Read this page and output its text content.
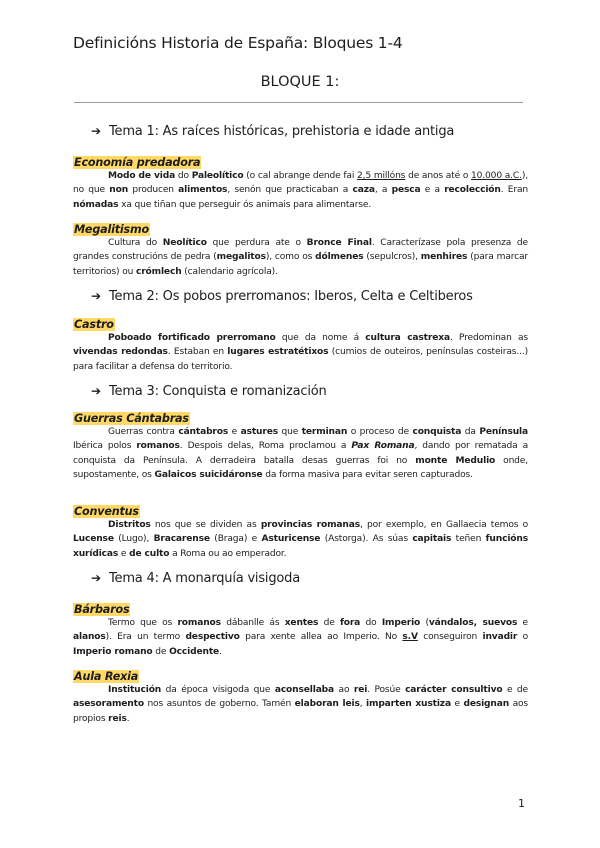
Definicións Historia de España: Bloques 1-4
BLOQUE 1:
➔ Tema 1: As raíces históricas, prehistoria e idade antiga
Economía predadora
Modo de vida do Paleolítico (o cal abrange dende fai 2,5 millóns de anos até o 10.000 a.C.), no que non producen alimentos, senón que practicaban a caza, a pesca e a recolección. Eran nómadas xa que tiñan que perseguir ós animais para alimentarse.
Megalitismo
Cultura do Neolítico que perdura ate o Bronce Final. Caracterízase pola presenza de grandes construcións de pedra (megalitos), como os dólmenes (sepulcros), menhires (para marcar territorios) ou crómlech (calendario agrícola).
➔ Tema 2: Os pobos prerromanos: Iberos, Celta e Celtiberos
Castro
Poboado fortificado prerromano que da nome á cultura castrexa. Predominan as vivendas redondas. Estaban en lugares estratétixos (cumios de outeiros, penínsulas costeiras...) para facilitar a defensa do territorio.
➔ Tema 3: Conquista e romanización
Guerras Cántabras
Guerras contra cántabros e astures que terminan o proceso de conquista da Península Ibérica polos romanos. Despois delas, Roma proclamou a Pax Romana, dando por rematada a conquista da Península. A derradeira batalla desas guerras foi no monte Medulio onde, supostamente, os Galaicos suicidáronse da forma masiva para evitar seren capturados.
Conventus
Distritos nos que se dividen as provincias romanas, por exemplo, en Gallaecia temos o Lucense (Lugo), Bracarense (Braga) e Asturicense (Astorga). As súas capitais teñen funcións xurídicas e de culto a Roma ou ao emperador.
➔ Tema 4: A monarquía visigoda
Bárbaros
Termo que os romanos dábanlle ás xentes de fora do Imperio (vándalos, suevos e alanos). Era un termo despectivo para xente allea ao Imperio. No s.V conseguiron invadir o Imperio romano de Occidente.
Aula Rexia
Institución da época visigoda que aconsellaba ao rei. Posúe carácter consultivo e de asesoramento nos asuntos de goberno. Tamén elaboran leis, imparten xustiza e designan aos propios reis.
1
